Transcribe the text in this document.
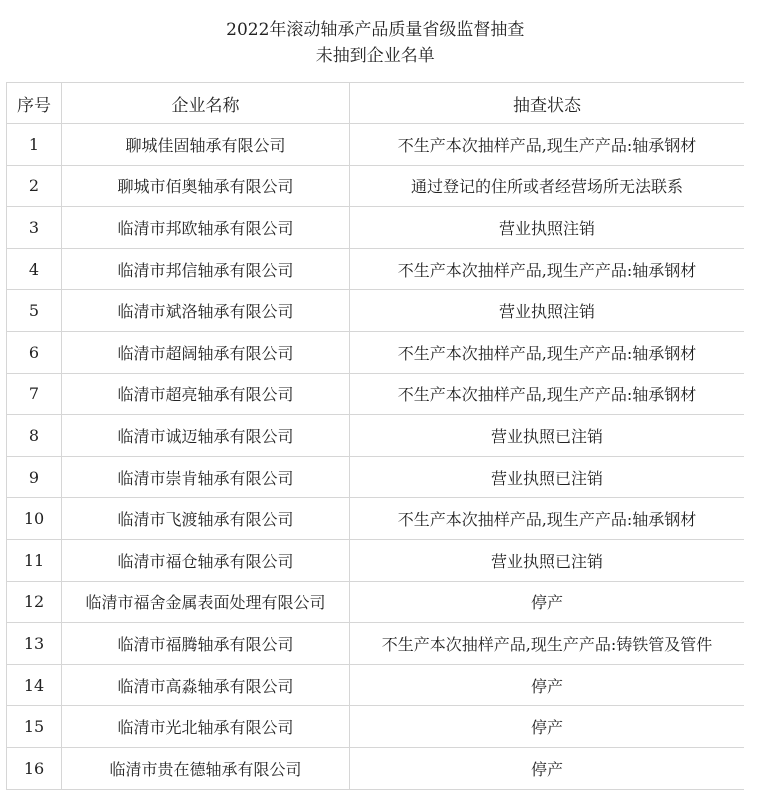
2022年滚动轴承产品质量省级监督抽查
未抽到企业名单		

序号	企业名称	抽查状态
1	聊城佳固轴承有限公司	不生产本次抽样产品,现生产产品:轴承钢材
2	聊城市佰奥轴承有限公司	通过登记的住所或者经营场所无法联系
3	临清市邦欧轴承有限公司	营业执照注销
4	临清市邦信轴承有限公司	不生产本次抽样产品,现生产产品:轴承钢材
5	临清市斌洛轴承有限公司	营业执照注销
6	临清市超阔轴承有限公司	不生产本次抽样产品,现生产产品:轴承钢材
7	临清市超亮轴承有限公司	不生产本次抽样产品,现生产产品:轴承钢材
8	临清市诚迈轴承有限公司	营业执照已注销
9	临清市崇肯轴承有限公司	营业执照已注销
10	临清市飞渡轴承有限公司	不生产本次抽样产品,现生产产品:轴承钢材
11	临清市福仓轴承有限公司	营业执照已注销
12	临清市福舍金属表面处理有限公司	停产
13	临清市福腾轴承有限公司	不生产本次抽样产品,现生产产品:铸铁管及管件
14	临清市高淼轴承有限公司	停产
15	临清市光北轴承有限公司	停产
16	临清市贵在德轴承有限公司	停产
